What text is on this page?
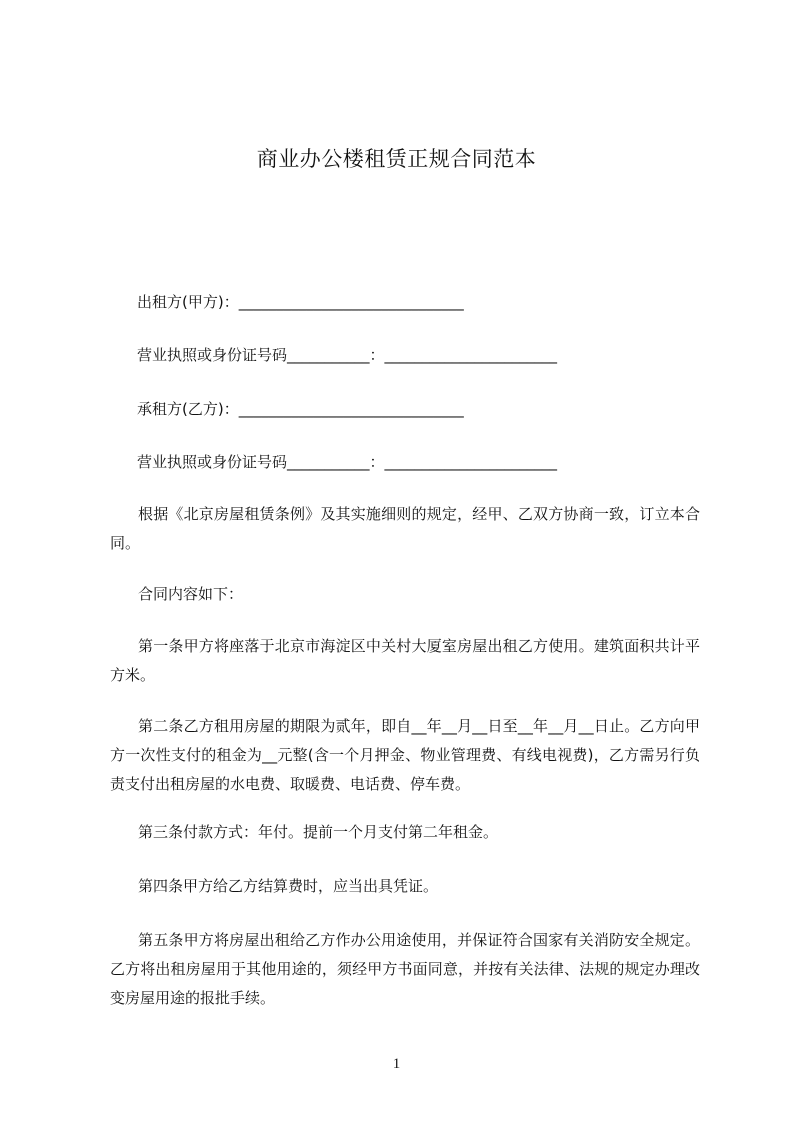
商业办公楼租赁正规合同范本
出租方(甲方)：______________________________
营业执照或身份证号码___________：_______________________
承租方(乙方)：______________________________
营业执照或身份证号码___________：_______________________

根据《北京房屋租赁条例》及其实施细则的规定，经甲、乙双方协商一致，订立本合同。

合同内容如下：

第一条甲方将座落于北京市海淀区中关村大厦室房屋出租乙方使用。建筑面积共计平方米。

第二条乙方租用房屋的期限为贰年，即自__年__月__日至__年__月__日止。乙方向甲方一次性支付的租金为__元整(含一个月押金、物业管理费、有线电视费)，乙方需另行负责支付出租房屋的水电费、取暖费、电话费、停车费。

第三条付款方式：年付。提前一个月支付第二年租金。

第四条甲方给乙方结算费时，应当出具凭证。

第五条甲方将房屋出租给乙方作办公用途使用，并保证符合国家有关消防安全规定。乙方将出租房屋用于其他用途的，须经甲方书面同意，并按有关法律、法规的规定办理改变房屋用途的报批手续。

1
